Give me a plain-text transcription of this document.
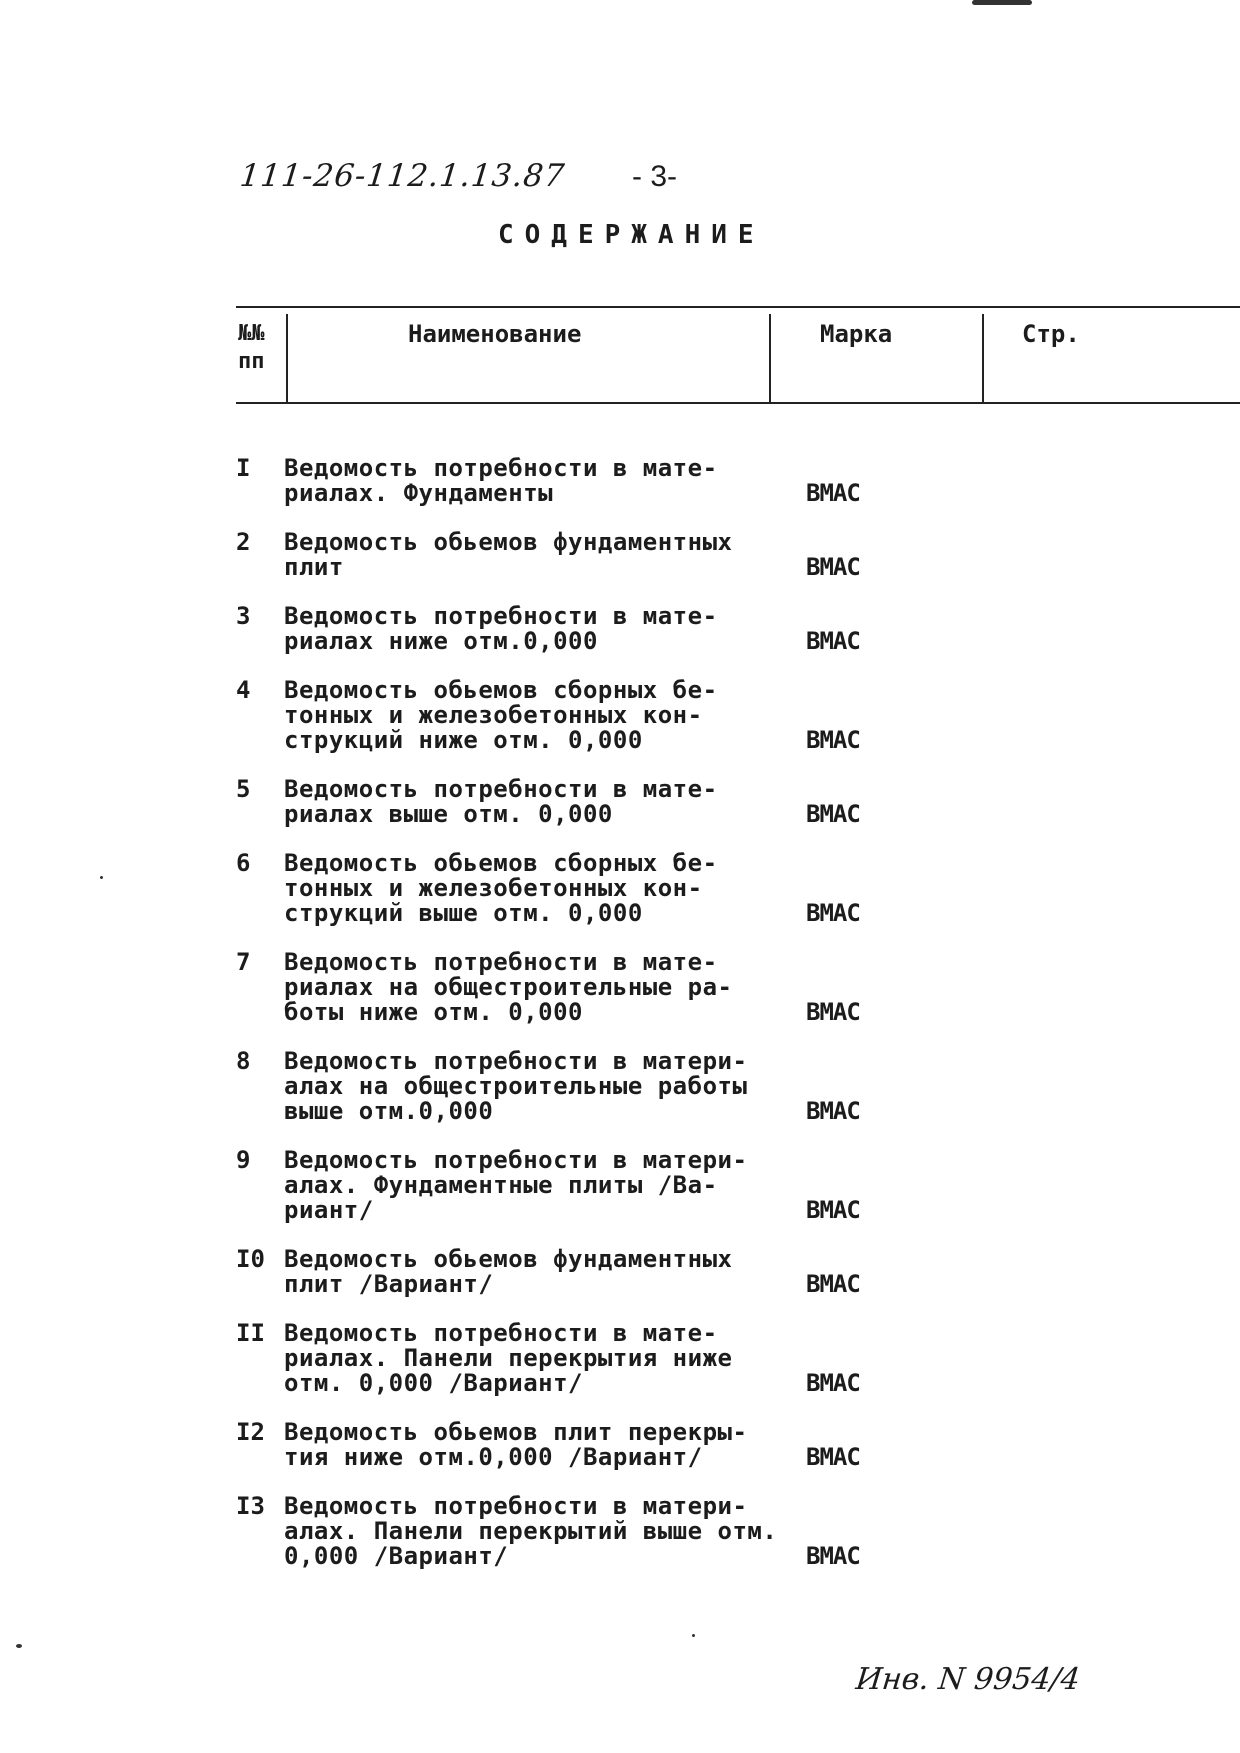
111-26-112.1.13.87 - 3-
СОДЕРЖАНИЕ
№№
пп
Наименование	Марка	Стр.
I Ведомость потребности в мате-
риалах. Фундаменты	ВМАС
2 Ведомость обьемов фундаментных
плит	ВМАС
3 Ведомость потребности в мате-
риалах ниже отм.0,000	ВМАС
4 Ведомость обьемов сборных бе-
тонных и железобетонных кон-
струкций ниже отм. 0,000	ВМАС
5 Ведомость потребности в мате-
риалах выше отм. 0,000	ВМАС
6 Ведомость обьемов сборных бе-
тонных и железобетонных кон-
струкций выше отм. 0,000	ВМАС
7 Ведомость потребности в мате-
риалах на общестроительные ра-
боты ниже отм. 0,000	ВМАС
8 Ведомость потребности в матери-
алах на общестроительные работы
выше отм.0,000	ВМАС
9 Ведомость потребности в матери-
алах. Фундаментные плиты /Ва-
риант/	ВМАС
I0 Ведомость обьемов фундаментных
плит /Вариант/	ВМАС
II Ведомость потребности в мате-
риалах. Панели перекрытия ниже
отм. 0,000 /Вариант/	ВМАС
I2 Ведомость обьемов плит перекры-
тия ниже отм.0,000 /Вариант/	ВМАС
I3 Ведомость потребности в матери-
алах. Панели перекрытий выше отм.
0,000 /Вариант/	ВМАС
Инв. N 9954/4
